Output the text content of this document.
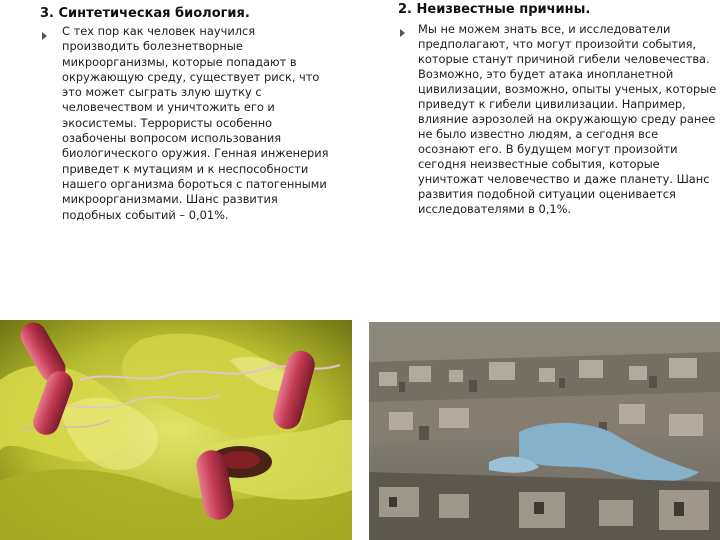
3. Синтетическая биология.

С тех пор как человек научился производить болезнетворные микроорганизмы, которые попадают в окружающую среду, существует риск, что это может сыграть злую шутку с человечеством и уничтожить его и экосистемы. Террористы особенно озабочены вопросом использования биологического оружия. Генная инженерия приведет к мутациям и к неспособности нашего организма бороться с патогенными микроорганизмами. Шанс развития подобных событий – 0,01%.

2. Неизвестные причины.

Мы не можем знать все, и исследователи предполагают, что могут произойти события, которые станут причиной гибели человечества. Возможно, это будет атака инопланетной цивилизации, возможно, опыты ученых, которые приведут к гибели цивилизации. Например, влияние аэрозолей на окружающую среду ранее не было известно людям, а сегодня все осознают его. В будущем могут произойти сегодня неизвестные события, которые уничтожат человечество и даже планету. Шанс развития подобной ситуации оценивается исследователями в 0,1%.
